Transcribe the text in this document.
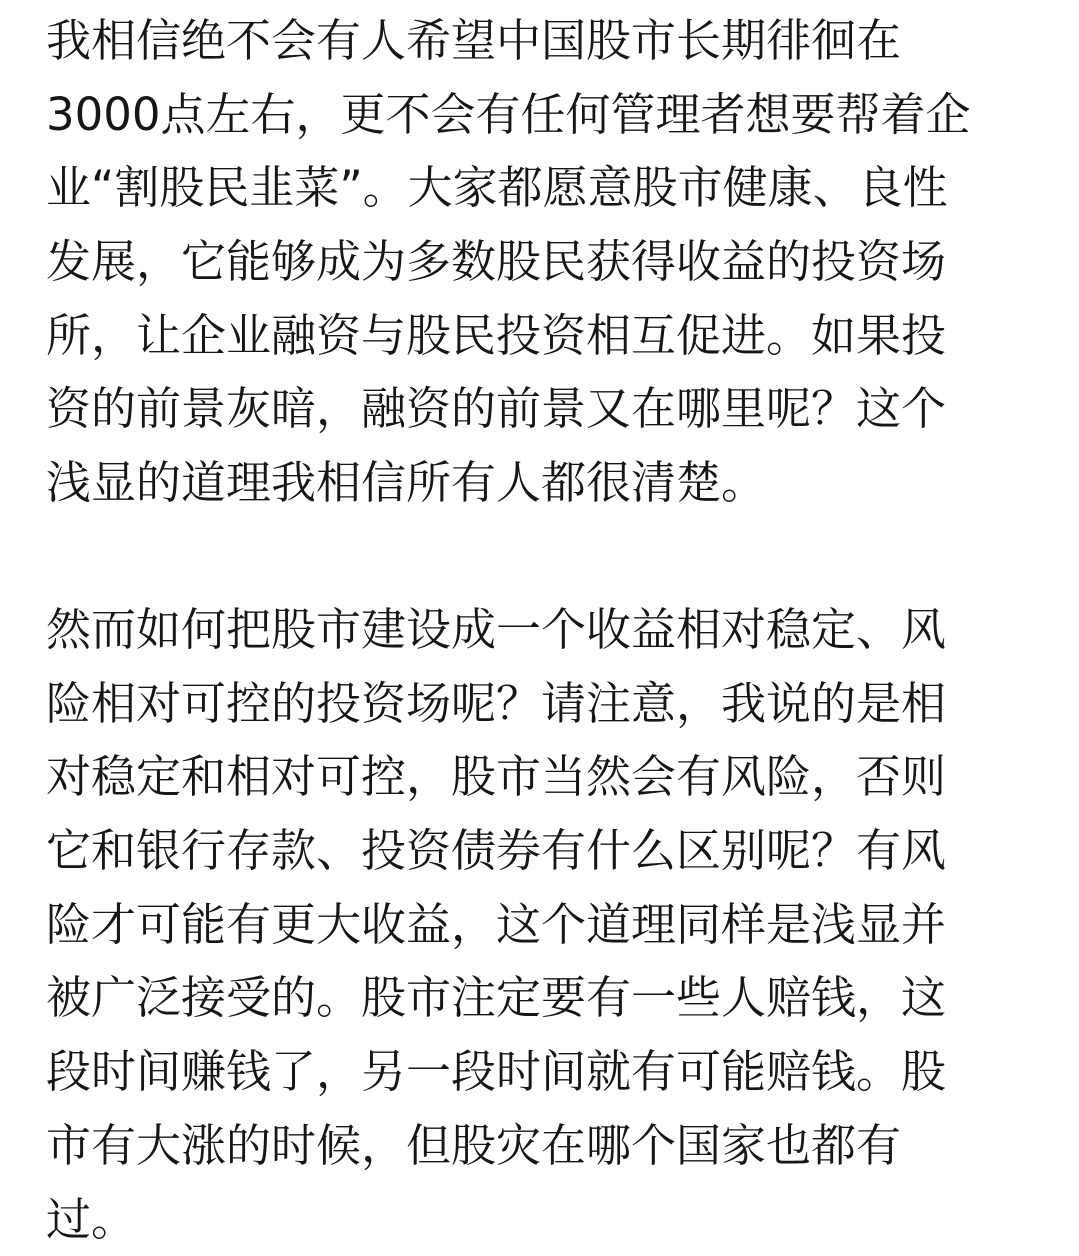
我相信绝不会有人希望中国股市长期徘徊在
3000点左右，更不会有任何管理者想要帮着企
业“割股民韭菜”。大家都愿意股市健康、良性
发展，它能够成为多数股民获得收益的投资场
所，让企业融资与股民投资相互促进。如果投
资的前景灰暗，融资的前景又在哪里呢？这个
浅显的道理我相信所有人都很清楚。
然而如何把股市建设成一个收益相对稳定、风
险相对可控的投资场呢？请注意，我说的是相
对稳定和相对可控，股市当然会有风险，否则
它和银行存款、投资债券有什么区别呢？有风
险才可能有更大收益，这个道理同样是浅显并
被广泛接受的。股市注定要有一些人赔钱，这
段时间赚钱了，另一段时间就有可能赔钱。股
市有大涨的时候，但股灾在哪个国家也都有
过。
